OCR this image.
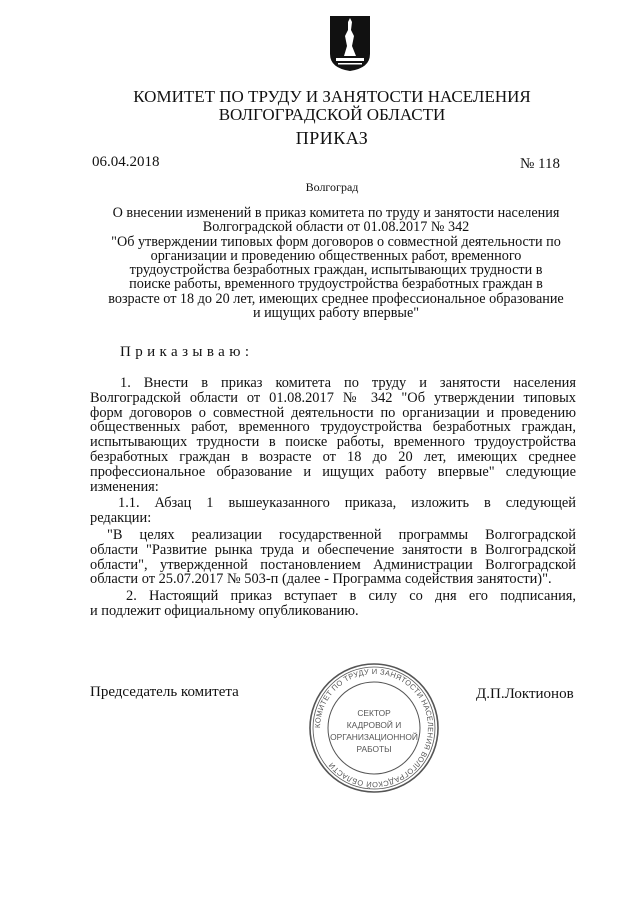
КОМИТЕТ ПО ТРУДУ И ЗАНЯТОСТИ НАСЕЛЕНИЯ
ВОЛГОГРАДСКОЙ ОБЛАСТИ
ПРИКАЗ
06.04.2018	№ 118
Волгоград
О внесении изменений в приказ комитета по труду и занятости населения
Волгоградской области от 01.08.2017 № 342
"Об утверждении типовых форм договоров о совместной деятельности по
организации и проведению общественных работ, временного
трудоустройства безработных граждан, испытывающих трудности в
поиске работы, временного трудоустройства безработных граждан в
возрасте от 18 до 20 лет, имеющих среднее профессиональное образование
и ищущих работу впервые"
Приказываю:
1. Внести в приказ комитета по труду и занятости населения
Волгоградской области от 01.08.2017 № 342 "Об утверждении типовых
форм договоров о совместной деятельности по организации и проведению
общественных работ, временного трудоустройства безработных граждан,
испытывающих трудности в поиске работы, временного трудоустройства
безработных граждан в возрасте от 18 до 20 лет, имеющих среднее
профессиональное образование и ищущих работу впервые" следующие
изменения:
1.1. Абзац 1 вышеуказанного приказа, изложить в следующей
редакции:
"В целях реализации государственной программы Волгоградской
области "Развитие рынка труда и обеспечение занятости в Волгоградской
области", утвержденной постановлением Администрации Волгоградской
области от 25.07.2017 № 503-п (далее - Программа содействия занятости)".
2. Настоящий приказ вступает в силу со дня его подписания,
и подлежит официальному опубликованию.
Председатель комитета	Д.П.Локтионов
КОМИТЕТ ПО ТРУДУ И ЗАНЯТОСТИ НАСЕЛЕНИЯ ВОЛГОГРАДСКОЙ ОБЛАСТИ
СЕКТОР
КАДРОВОЙ И
ОРГАНИЗАЦИОННОЙ
РАБОТЫ
